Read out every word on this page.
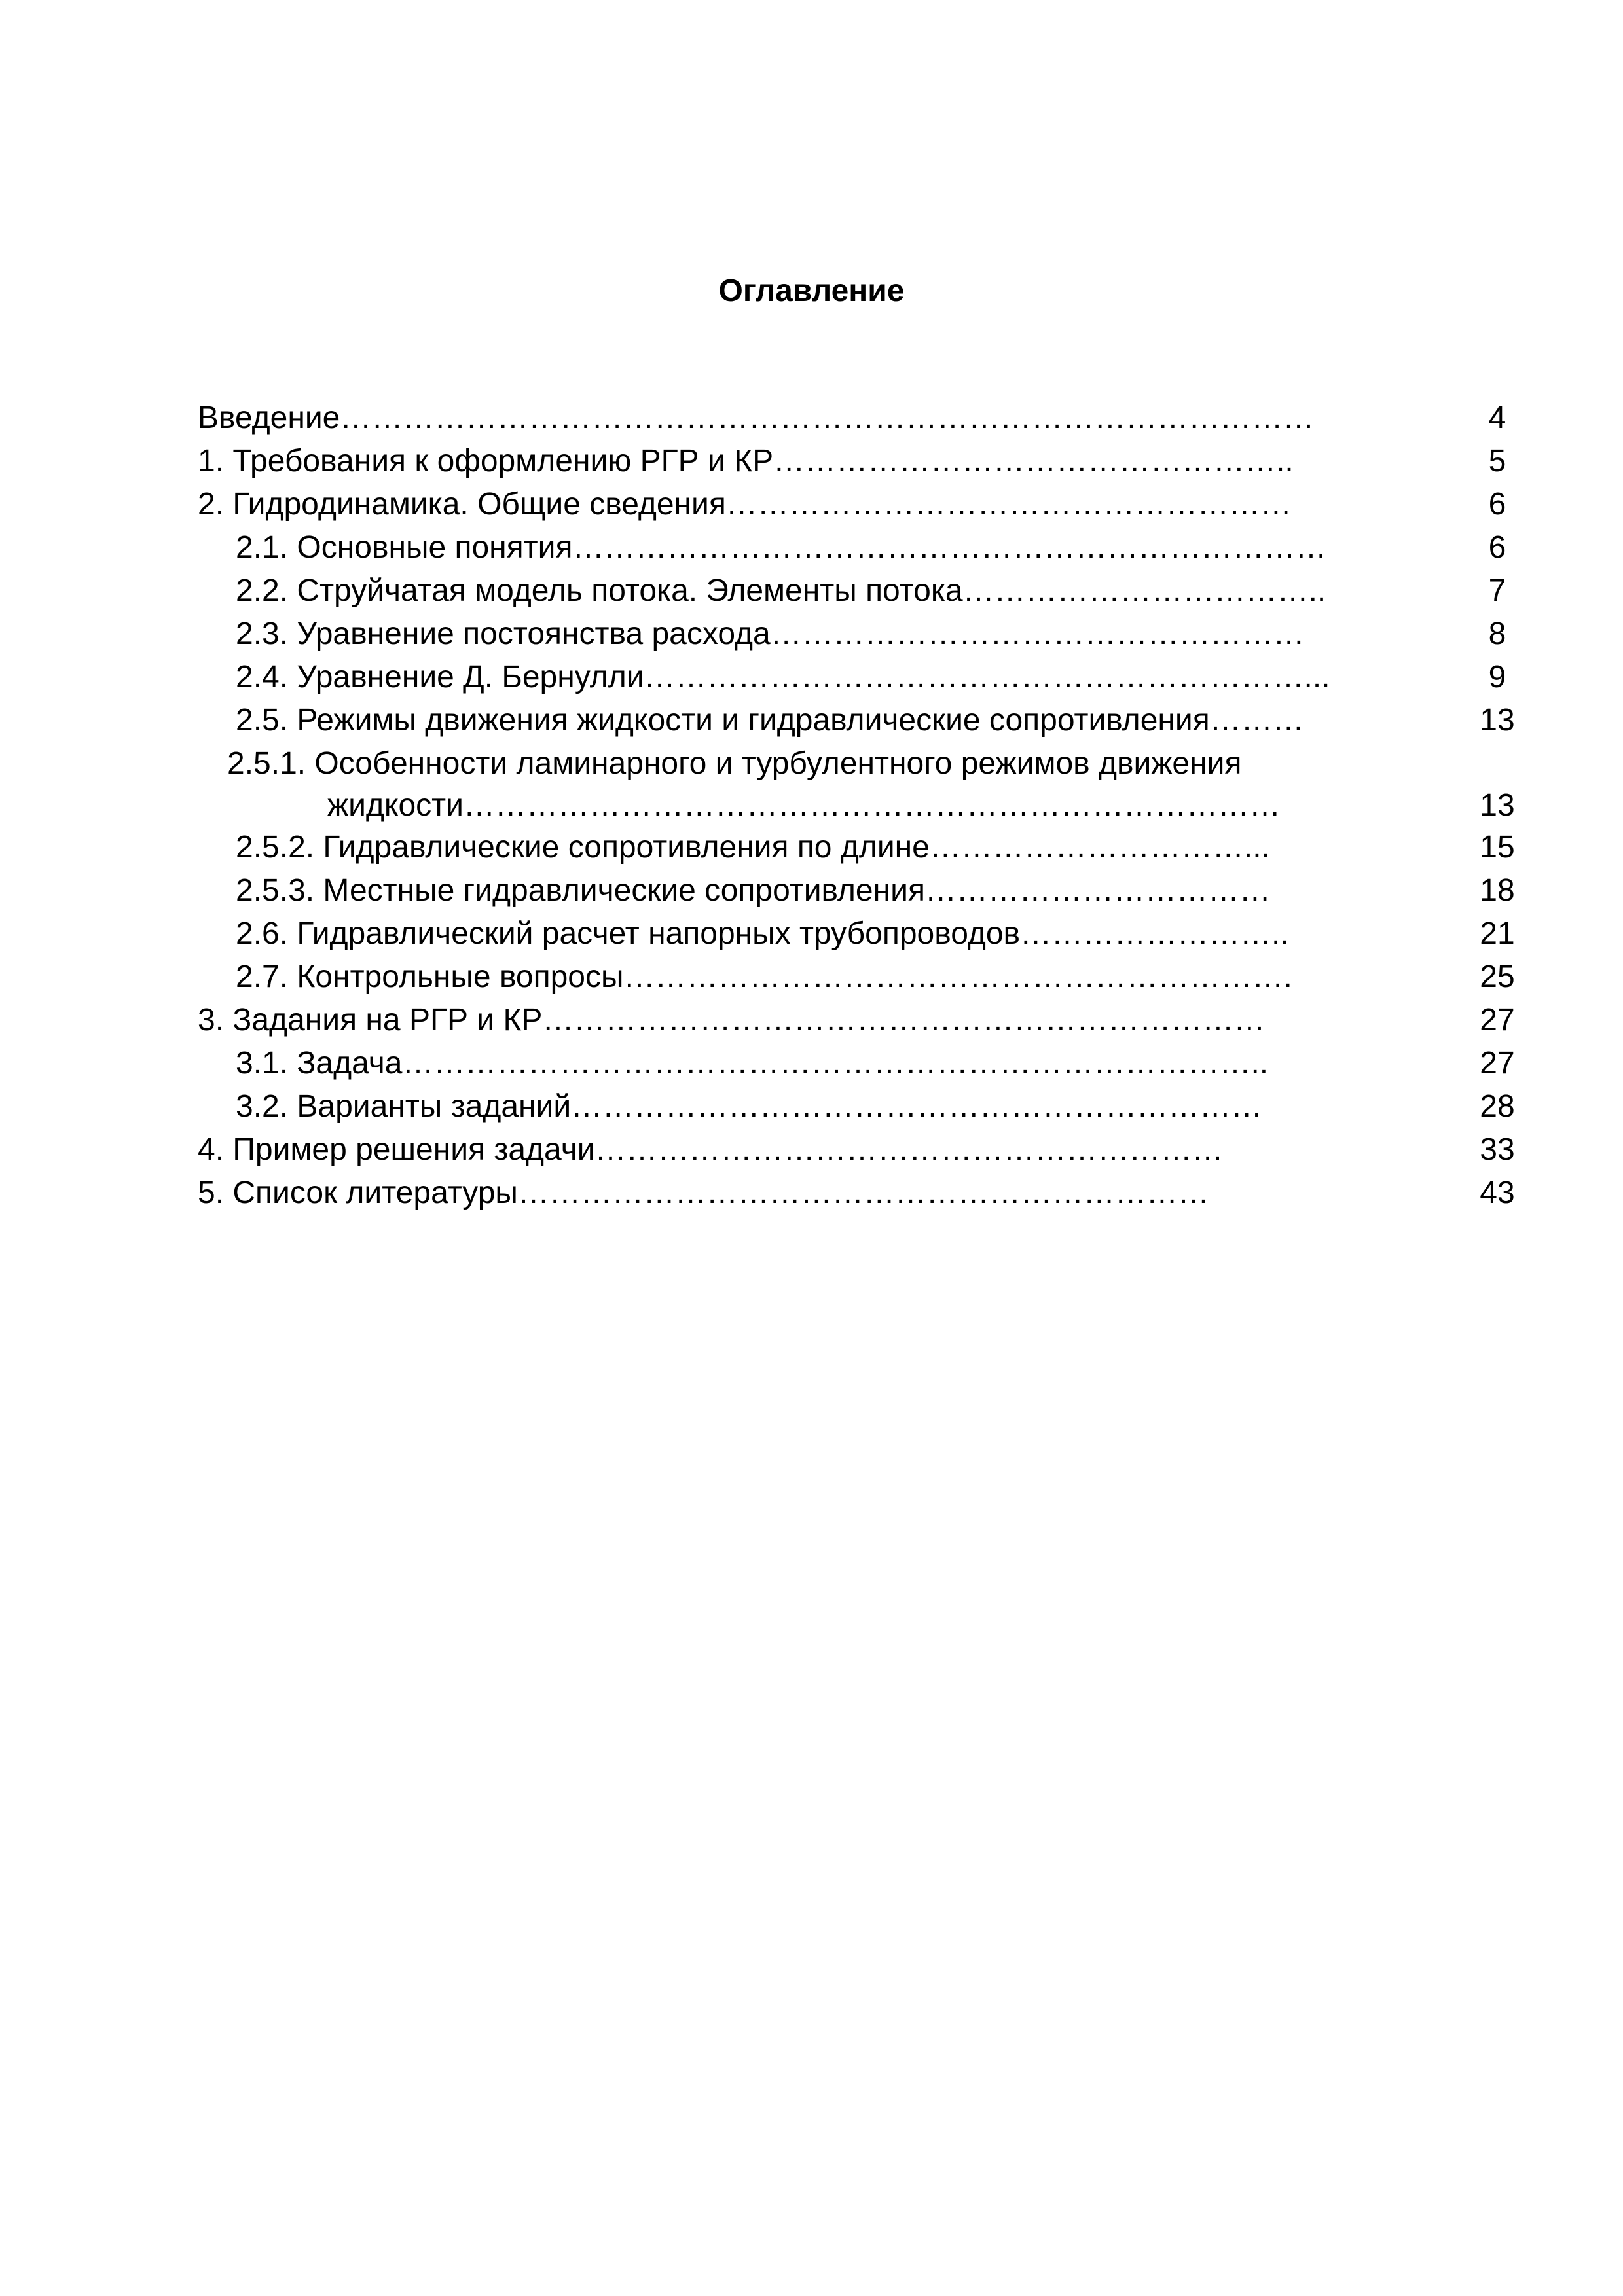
Оглавление
Введение…………………………………………………………………………………	4
1. Требования к оформлению РГР и КР…………………………………………..	5
2. Гидродинамика. Общие сведения………………………………………………	6
2.1. Основные понятия………………………………………………………………	6
2.2. Струйчатая модель потока. Элементы потока……………………………..	7
2.3. Уравнение постоянства расхода……………………………………………	8
2.4. Уравнение Д. Бернулли………………………………………………………...	9
2.5. Режимы движения жидкости и гидравлические сопротивления………	13
2.5.1. Особенности ламинарного и турбулентного режимов движения
жидкости……………………………………………………………………	13
2.5.2. Гидравлические сопротивления по длине…………………………...	15
2.5.3. Местные гидравлические сопротивления……………………………	18
2.6. Гидравлический расчет напорных трубопроводов……………………..	21
2.7. Контрольные вопросы……………………………………………………….	25
3. Задания на РГР и КР……………………………………………………………	27
3.1. Задача………………………………………………………………………..	27
3.2. Варианты заданий…………………………………………………………	28
4. Пример решения задачи……………………………………………………	33
5. Список литературы…………………………………………………………	43
